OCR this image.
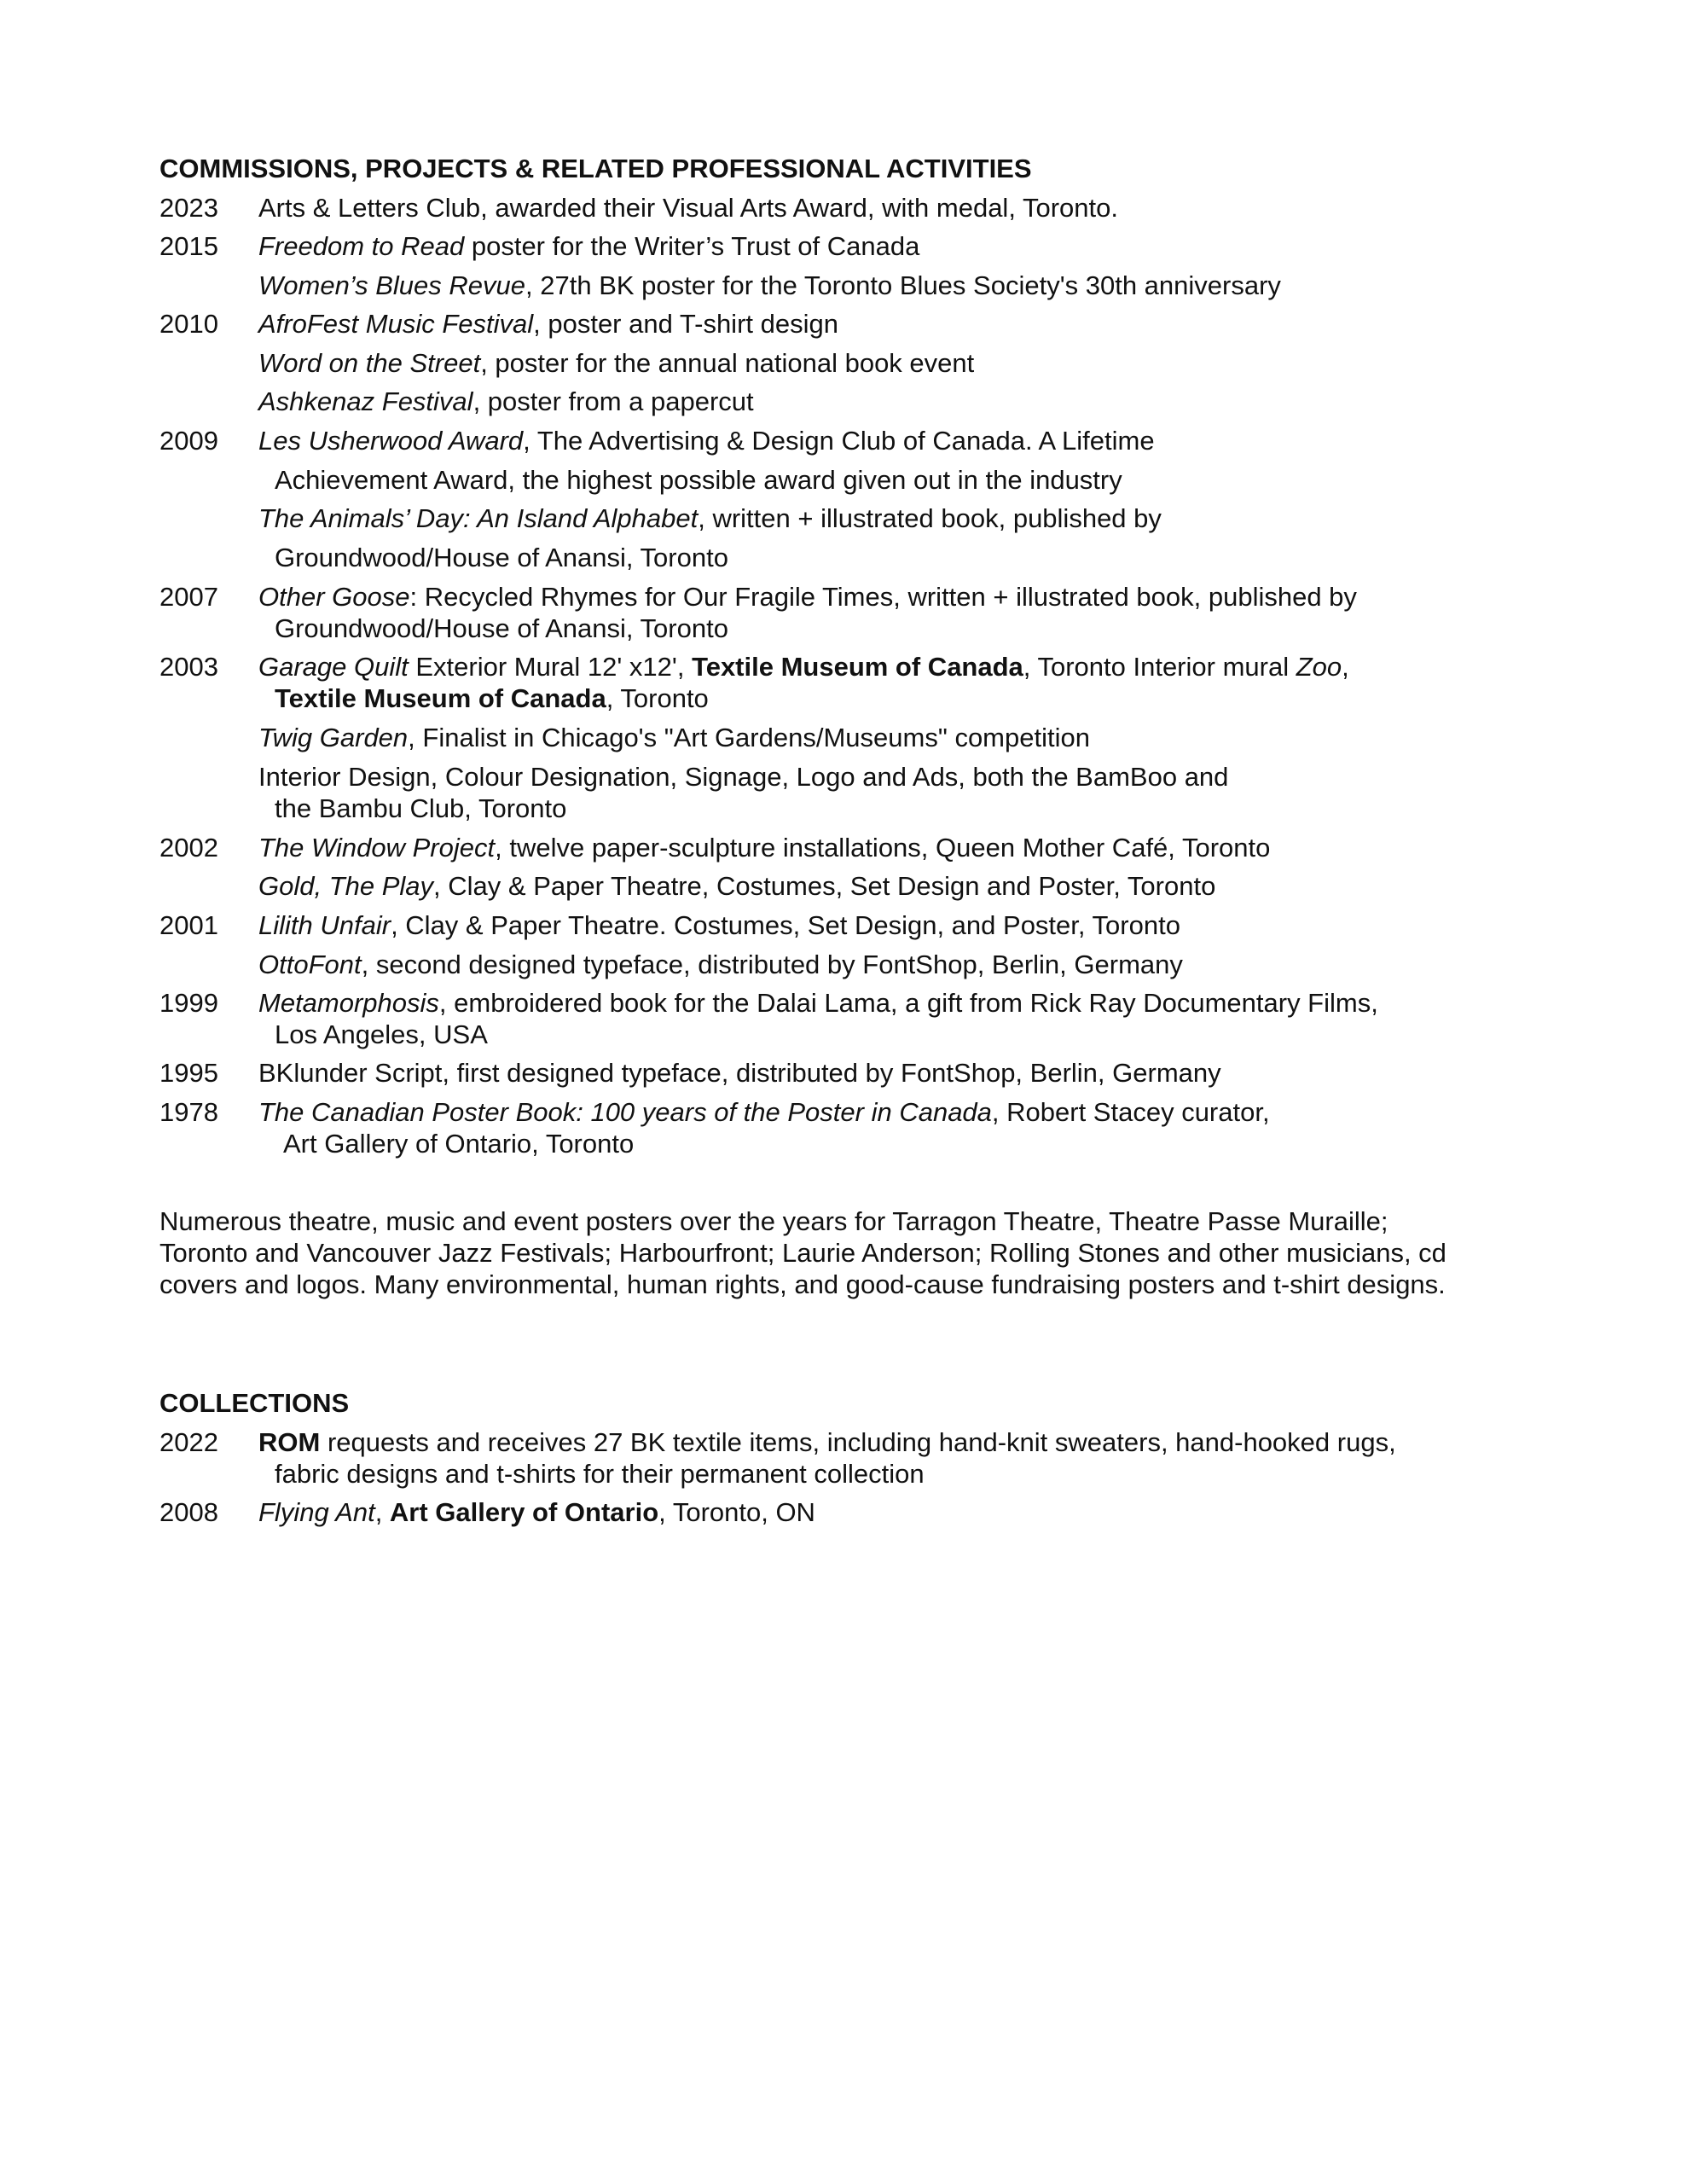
COMMISSIONS, PROJECTS & RELATED PROFESSIONAL ACTIVITIES
2023
2015
2010
2009
2007
2003
2002
2001
1999
1995
1978
Arts & Letters Club, awarded their Visual Arts Award, with medal, Toronto.
Freedom to Read poster for the Writer’s Trust of Canada
Women’s Blues Revue, 27th BK poster for the Toronto Blues Society's 30th anniversary
AfroFest Music Festival, poster and T-shirt design
Word on the Street, poster for the annual national book event
Ashkenaz Festival, poster from a papercut
Les Usherwood Award, The Advertising & Design Club of Canada. A Lifetime
Achievement Award, the highest possible award given out in the industry
The Animals’ Day: An Island Alphabet, written + illustrated book, published by
Groundwood/House of Anansi, Toronto
Other Goose: Recycled Rhymes for Our Fragile Times, written + illustrated book, published by
Groundwood/House of Anansi, Toronto
Garage Quilt Exterior Mural 12' x12', Textile Museum of Canada, Toronto Interior mural Zoo,
Textile Museum of Canada, Toronto
Twig Garden, Finalist in Chicago's "Art Gardens/Museums" competition
Interior Design, Colour Designation, Signage, Logo and Ads, both the BamBoo and
the Bambu Club, Toronto
The Window Project, twelve paper-sculpture installations, Queen Mother Café, Toronto
Gold, The Play, Clay & Paper Theatre, Costumes, Set Design and Poster, Toronto
Lilith Unfair, Clay & Paper Theatre. Costumes, Set Design, and Poster, Toronto
OttoFont, second designed typeface, distributed by FontShop, Berlin, Germany
Metamorphosis, embroidered book for the Dalai Lama, a gift from Rick Ray Documentary Films,
Los Angeles, USA
BKlunder Script, first designed typeface, distributed by FontShop, Berlin, Germany
The Canadian Poster Book: 100 years of the Poster in Canada, Robert Stacey curator,
Art Gallery of Ontario, Toronto
Numerous theatre, music and event posters over the years for Tarragon Theatre, Theatre Passe Muraille;
Toronto and Vancouver Jazz Festivals; Harbourfront; Laurie Anderson; Rolling Stones and other musicians, cd
covers and logos. Many environmental, human rights, and good-cause fundraising posters and t-shirt designs.
COLLECTIONS
2022
2008
ROM requests and receives 27 BK textile items, including hand-knit sweaters, hand-hooked rugs,
fabric designs and t-shirts for their permanent collection
Flying Ant, Art Gallery of Ontario, Toronto, ON
